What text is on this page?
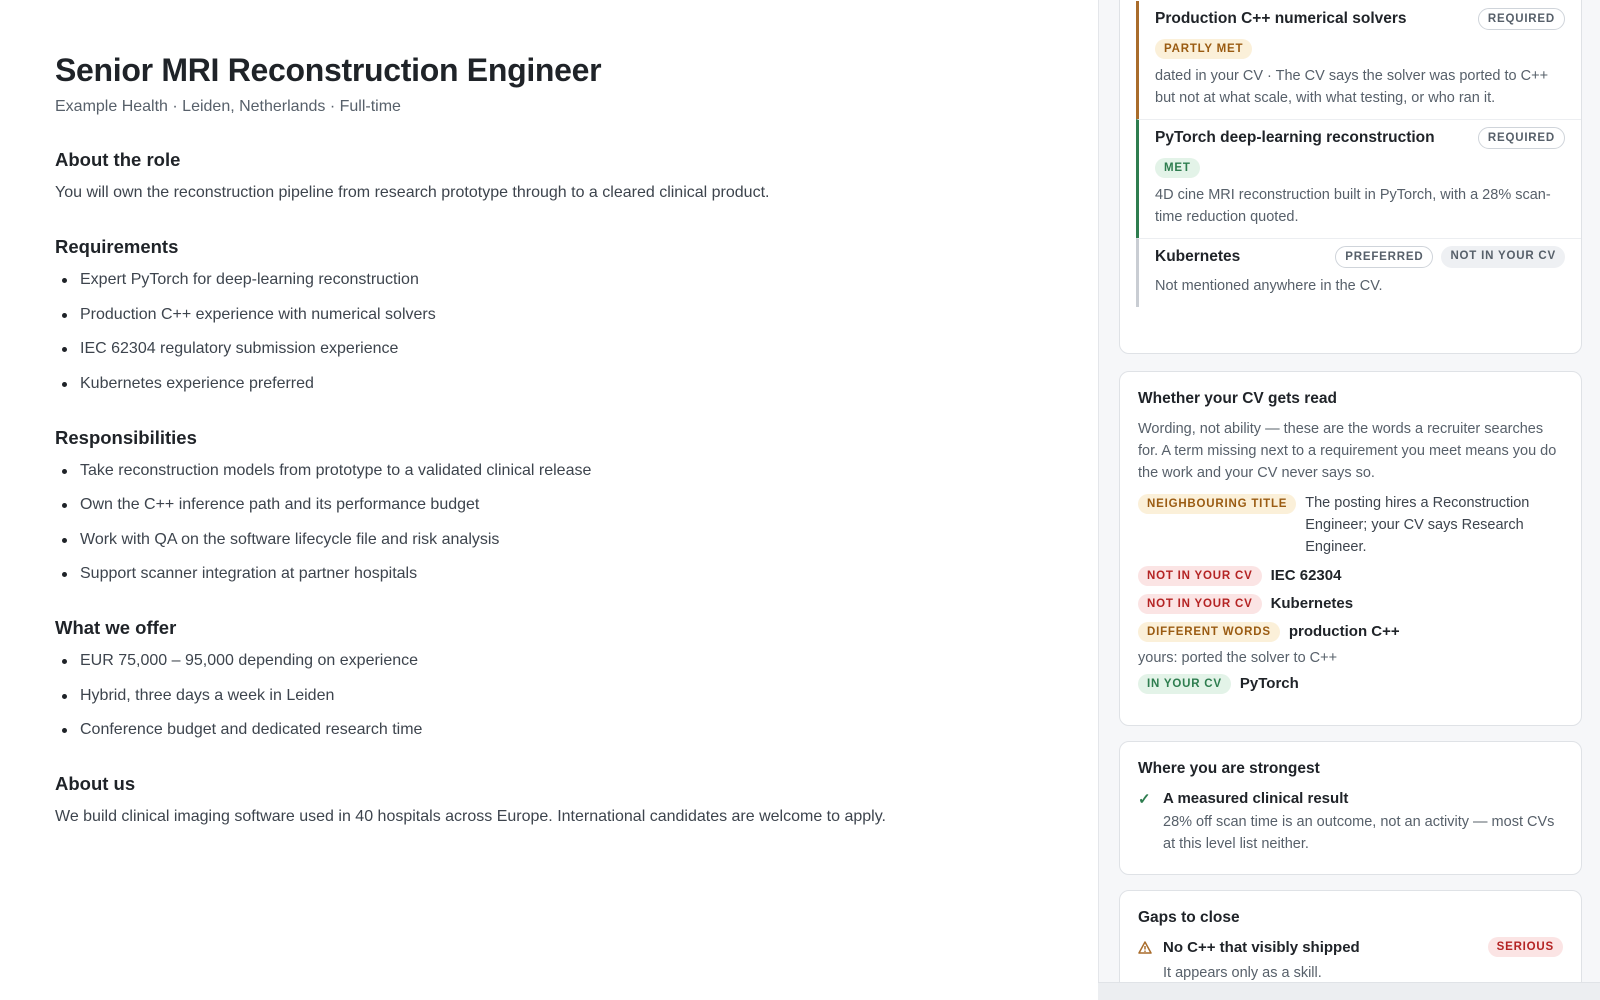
Senior MRI Reconstruction Engineer
Example Health · Leiden, Netherlands · Full-time
About the role

You will own the reconstruction pipeline from research prototype through to a cleared clinical product.

Requirements
Expert PyTorch for deep-learning reconstruction
Production C++ experience with numerical solvers
IEC 62304 regulatory submission experience
Kubernetes experience preferred
Responsibilities
Take reconstruction models from prototype to a validated clinical release
Own the C++ inference path and its performance budget
Work with QA on the software lifecycle file and risk analysis
Support scanner integration at partner hospitals
What we offer
EUR 75,000 – 95,000 depending on experience
Hybrid, three days a week in Leiden
Conference budget and dedicated research time
About us

We build clinical imaging software used in 40 hospitals across Europe. International candidates are welcome to apply.

Production C++ numerical solvers	REQUIRED
PARTLY MET

dated in your CV · The CV says the solver was ported to C++ but not at what scale, with what testing, or who ran it.

PyTorch deep-learning reconstruction	REQUIRED
MET

4D cine MRI reconstruction built in PyTorch, with a 28% scan-time reduction quoted.

Kubernetes	PREFERRED	NOT IN YOUR CV

Not mentioned anywhere in the CV.

Whether your CV gets read

Wording, not ability — these are the words a recruiter searches for. A term missing next to a requirement you meet means you do the work and your CV never says so.

NEIGHBOURING TITLE	The posting hires a Reconstruction Engineer; your CV says Research Engineer.
NOT IN YOUR CV	IEC 62304
NOT IN YOUR CV	Kubernetes
DIFFERENT WORDS	production C++
yours: ported the solver to C++
IN YOUR CV	PyTorch
Where you are strongest
✓ A measured clinical result
28% off scan time is an outcome, not an activity — most CVs at this level list neither.
Gaps to close
No C++ that visibly shipped	SERIOUS
It appears only as a skill.
